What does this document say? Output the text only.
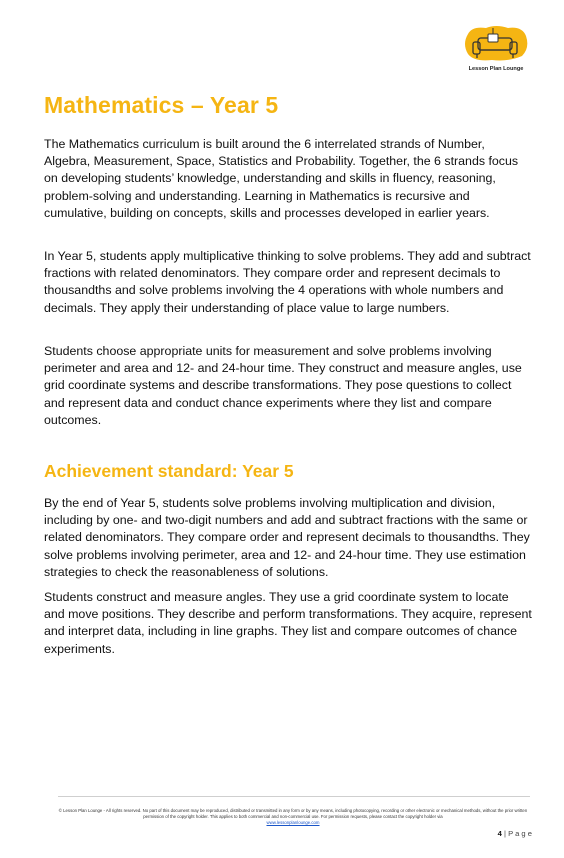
Lesson Plan Lounge
Mathematics – Year 5

The Mathematics curriculum is built around the 6 interrelated strands of Number, Algebra, Measurement, Space, Statistics and Probability. Together, the 6 strands focus on developing students’ knowledge, understanding and skills in fluency, reasoning, problem-solving and understanding. Learning in Mathematics is recursive and cumulative, building on concepts, skills and processes developed in earlier years.

In Year 5, students apply multiplicative thinking to solve problems. They add and subtract fractions with related denominators. They compare order and represent decimals to thousandths and solve problems involving the 4 operations with whole numbers and decimals. They apply their understanding of place value to large numbers.

Students choose appropriate units for measurement and solve problems involving perimeter and area and 12- and 24-hour time. They construct and measure angles, use grid coordinate systems and describe transformations. They pose questions to collect and represent data and conduct chance experiments where they list and compare outcomes.

Achievement standard: Year 5

By the end of Year 5, students solve problems involving multiplication and division, including by one- and two-digit numbers and add and subtract fractions with the same or related denominators. They compare order and represent decimals to thousandths. They solve problems involving perimeter, area and 12- and 24-hour time. They use estimation strategies to check the reasonableness of solutions.

Students construct and measure angles. They use a grid coordinate system to locate and move positions. They describe and perform transformations. They acquire, represent and interpret data, including in line graphs. They list and compare outcomes of chance experiments.

© Lesson Plan Lounge - All rights reserved. No part of this document may be reproduced, distributed or transmitted in any form or by any means, including photocopying, recording or other electronic or mechanical methods, without the prior written permission of the copyright holder. This applies to both commercial and non-commercial use. For permission requests, please contact the copyright holder via
www.lessonplanlounge.com
4 | P a g e
